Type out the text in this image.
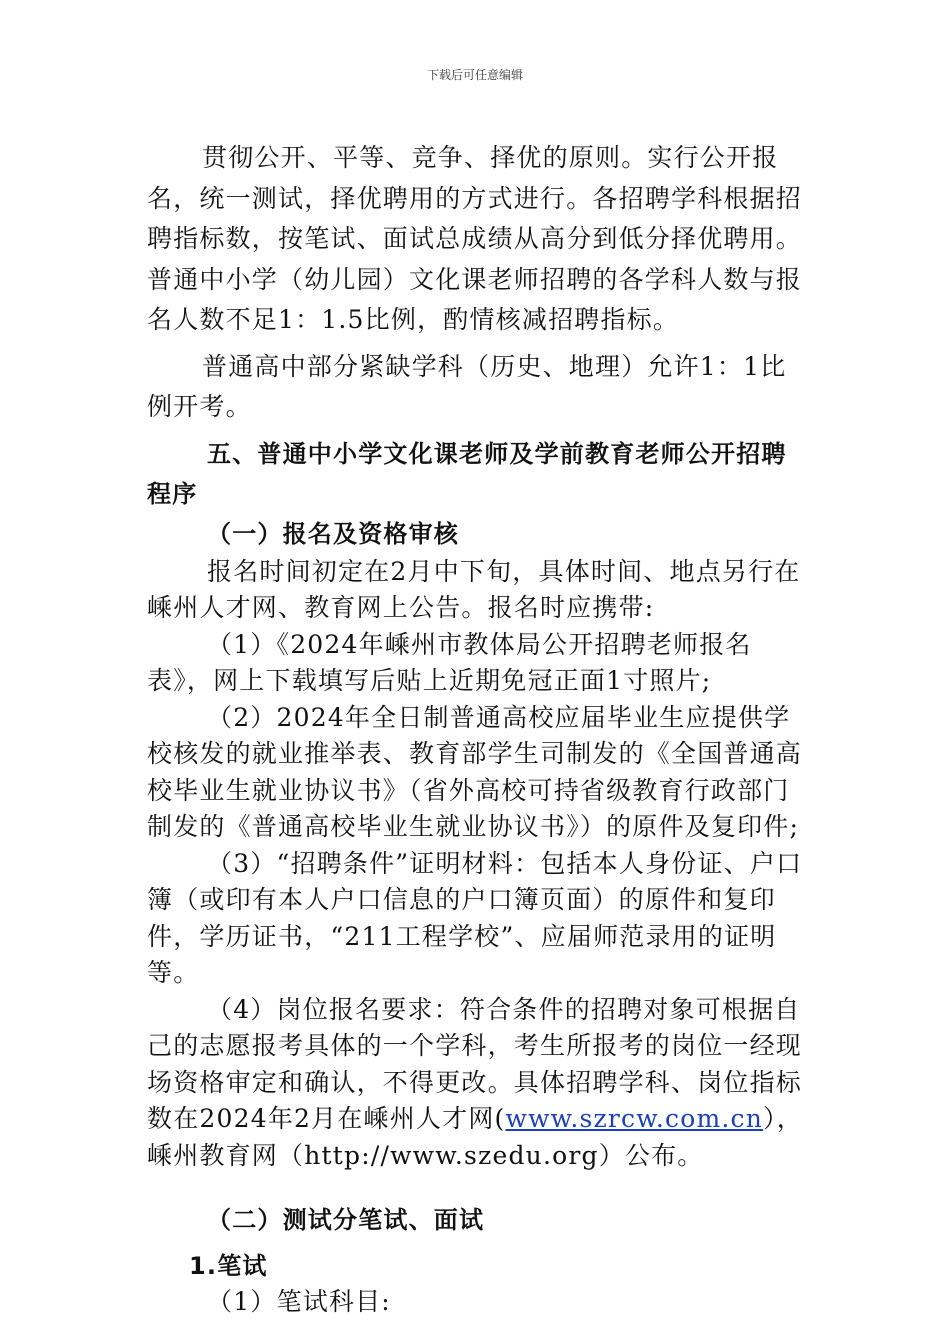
下载后可任意编辑

贯彻公开、平等、竞争、择优的原则。实行公开报名，统一测试，择优聘用的方式进行。各招聘学科根据招聘指标数，按笔试、面试总成绩从高分到低分择优聘用。普通中小学（幼儿园）文化课老师招聘的各学科人数与报名人数不足1：1.5比例，酌情核减招聘指标。

普通高中部分紧缺学科（历史、地理）允许1：1比例开考。

五、普通中小学文化课老师及学前教育老师公开招聘程序

（一）报名及资格审核

报名时间初定在2月中下旬，具体时间、地点另行在嵊州人才网、教育网上公告。报名时应携带:

（1）《2024年嵊州市教体局公开招聘老师报名表》，网上下载填写后贴上近期免冠正面1寸照片;

（2）2024年全日制普通高校应届毕业生应提供学校核发的就业推举表、教育部学生司制发的《全国普通高校毕业生就业协议书》（省外高校可持省级教育行政部门制发的《普通高校毕业生就业协议书》）的原件及复印件;

（3）“招聘条件”证明材料：包括本人身份证、户口簿（或印有本人户口信息的户口簿页面）的原件和复印件，学历证书，“211工程学校”、应届师范录用的证明等。

（4）岗位报名要求：符合条件的招聘对象可根据自己的志愿报考具体的一个学科，考生所报考的岗位一经现场资格审定和确认，不得更改。具体招聘学科、岗位指标数在2024年2月在嵊州人才网(www.szrcw.com.cn），嵊州教育网（http://www.szedu.org）公布。

（二）测试分笔试、面试

1.笔试

（1）笔试科目:
